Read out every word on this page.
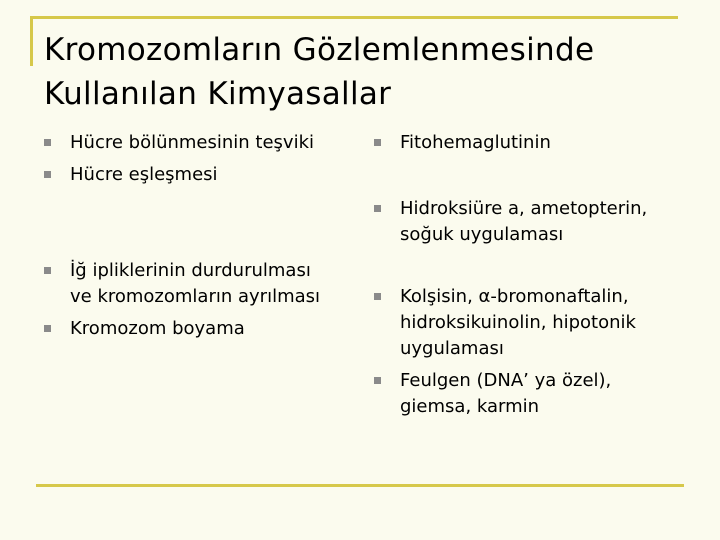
Kromozomların Gözlemlenmesinde
Kullanılan Kimyasallar
Hücre bölünmesinin teşviki
Hücre eşleşmesi
İğ ipliklerinin durdurulması
ve kromozomların ayrılması
Kromozom boyama
Fitohemaglutinin
Hidroksiüre a, ametopterin,
soğuk uygulaması
Kolşisin, α-bromonaftalin,
hidroksikuinolin, hipotonik
uygulaması
Feulgen (DNA’ ya özel),
giemsa, karmin
